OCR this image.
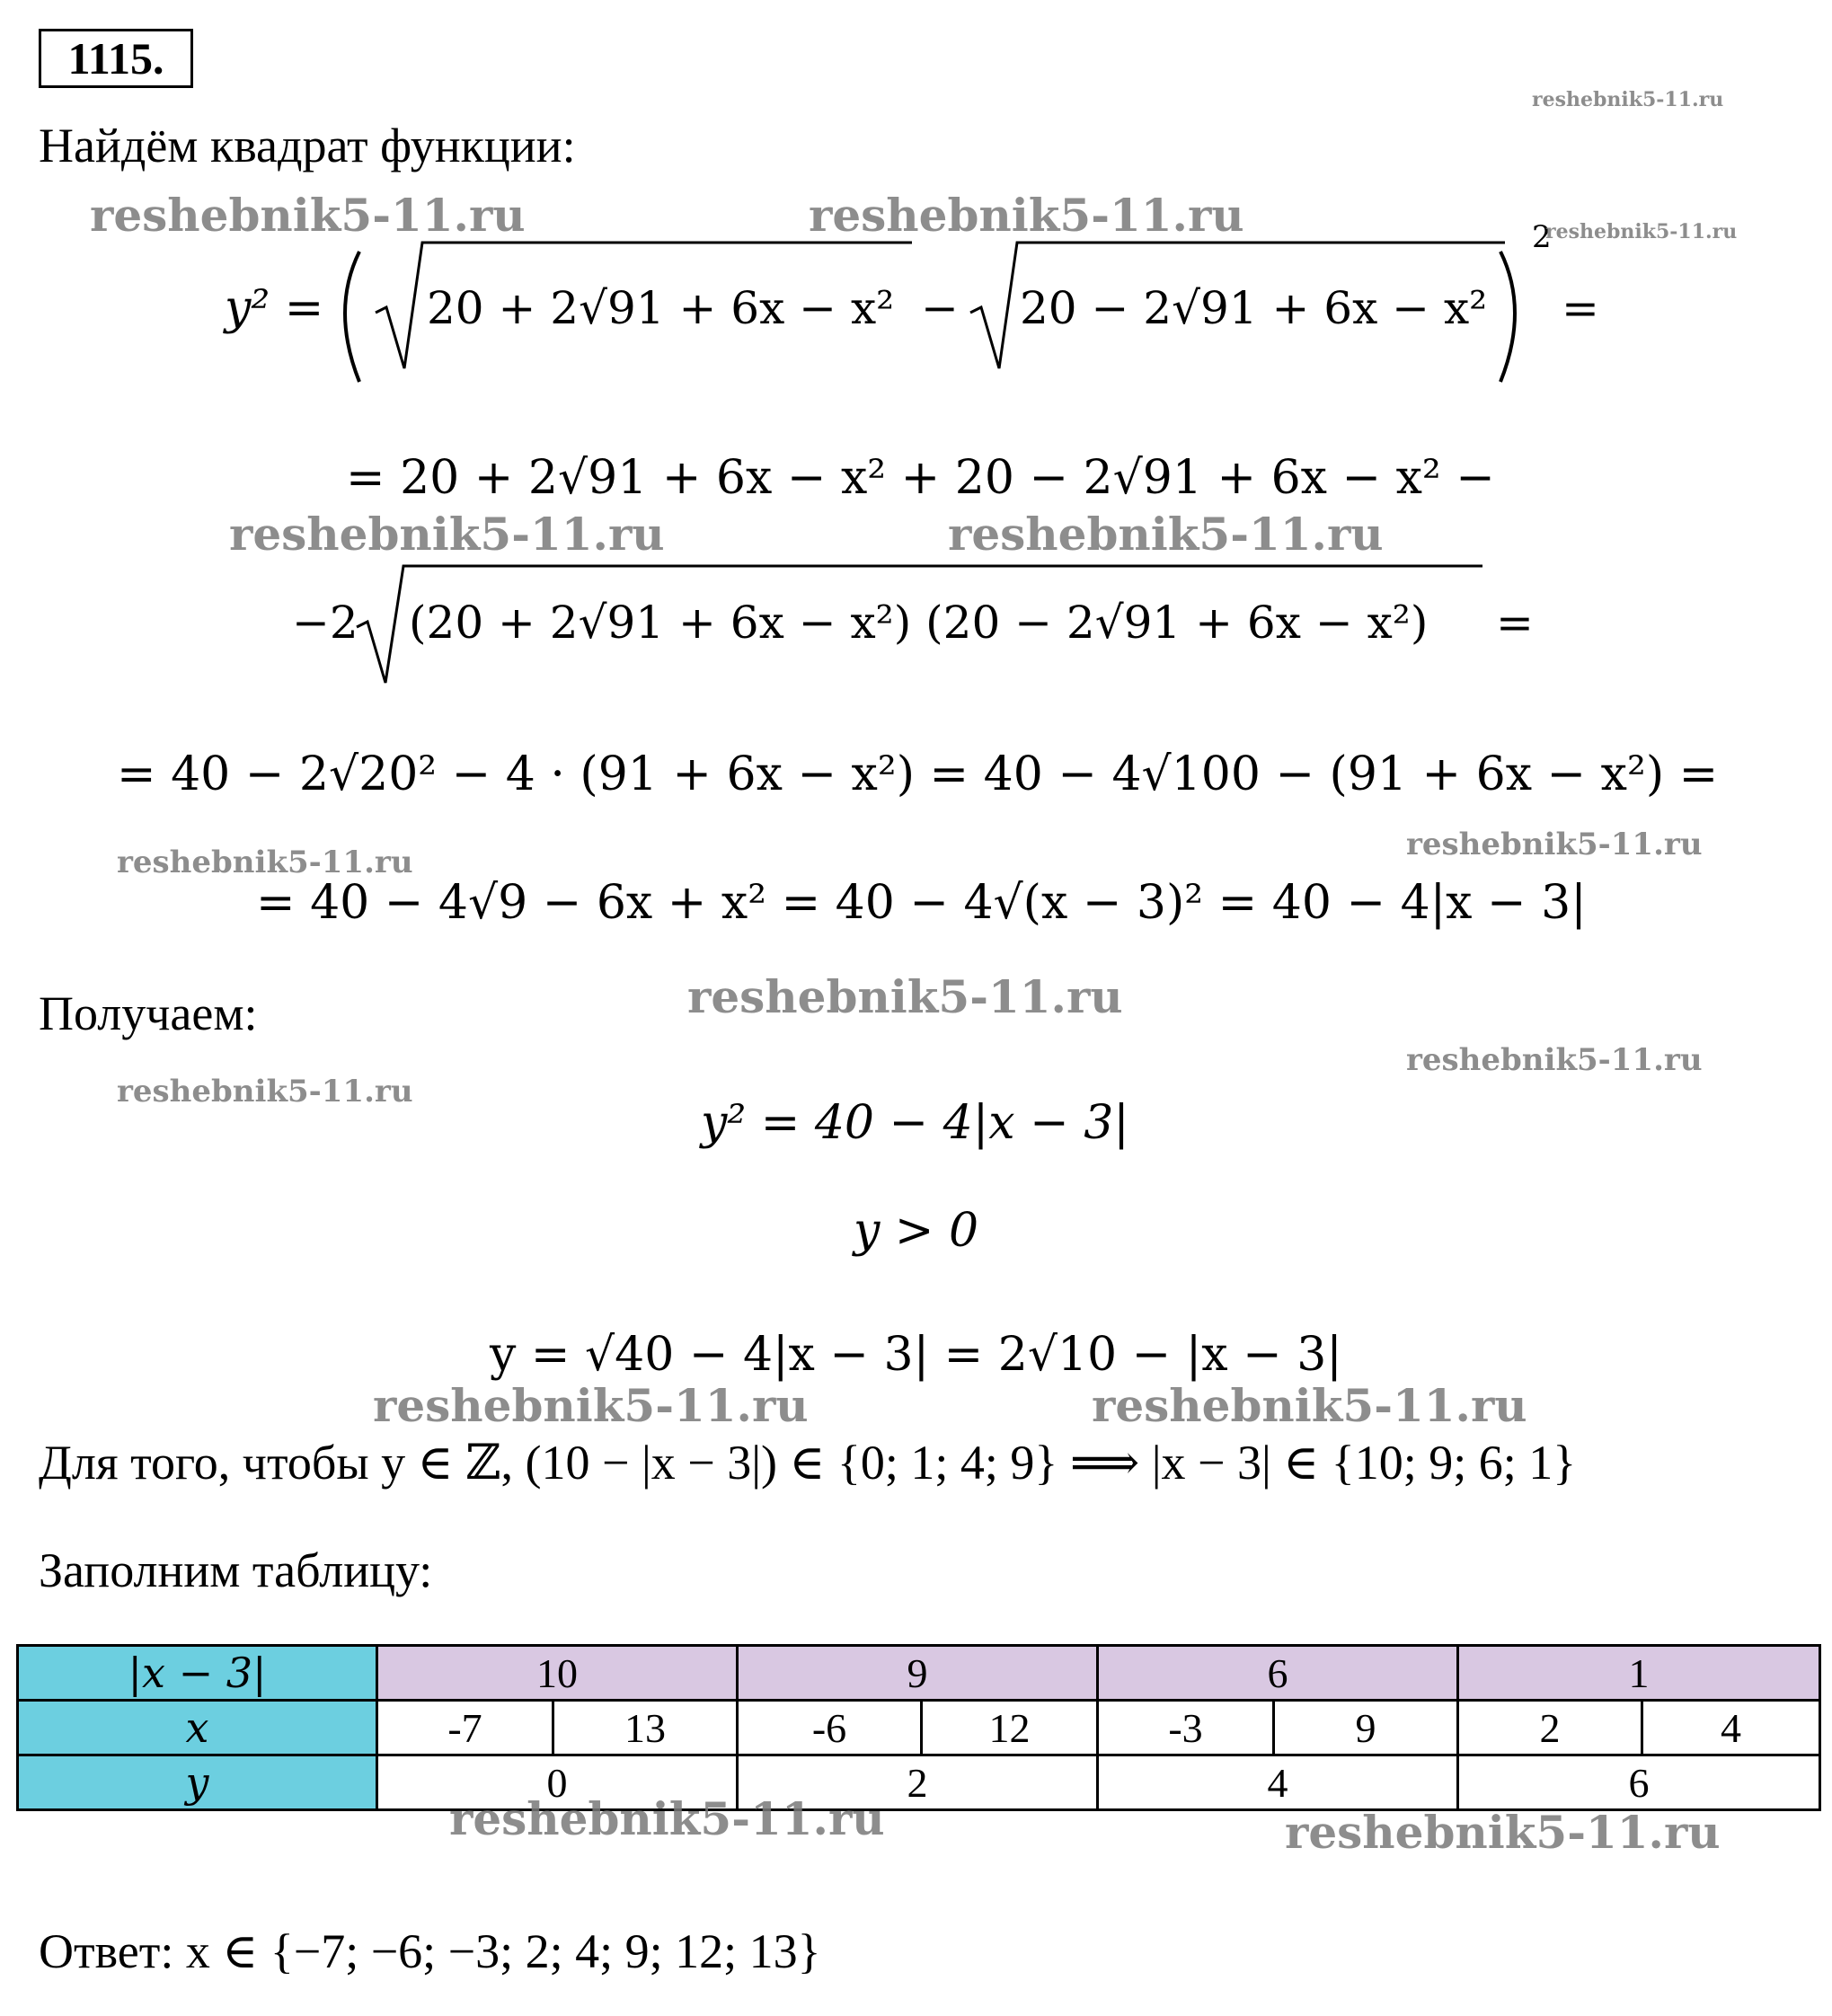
1115.
Найдём квадрат функции:
y² = 20 + 2√91 + 6x − x² − 20 − 2√91 + 6x − x²
2
=
= 20 + 2√91 + 6x − x² + 20 − 2√91 + 6x − x² −
−2 (20 + 2√91 + 6x − x²) (20 − 2√91 + 6x − x²) =
= 40 − 2√20² − 4 · (91 + 6x − x²) = 40 − 4√100 − (91 + 6x − x²) =
= 40 − 4√9 − 6x + x² = 40 − 4√(x − 3)² = 40 − 4|x − 3|
Получаем:
y² = 40 − 4|x − 3|
y > 0
y = √40 − 4|x − 3| = 2√10 − |x − 3|
Для того, чтобы y ∈ ℤ, (10 − |x − 3|) ∈ {0; 1; 4; 9} ⟹ |x − 3| ∈ {10; 9; 6; 1}
Заполним таблицу:
|x − 3|	10		9		6		1	
x	-7	13	-6	12	-3	9	2	4
y	0		2		4		6	
Ответ: x ∈ {−7; −6; −3; 2; 4; 9; 12; 13}
reshebnik5-11.ru
reshebnik5-11.ru	reshebnik5-11.ru	reshebnik5-11.ru
reshebnik5-11.ru	reshebnik5-11.ru
reshebnik5-11.ru	reshebnik5-11.ru
reshebnik5-11.ru
reshebnik5-11.ru
reshebnik5-11.ru
reshebnik5-11.ru	reshebnik5-11.ru
reshebnik5-11.ru	reshebnik5-11.ru
